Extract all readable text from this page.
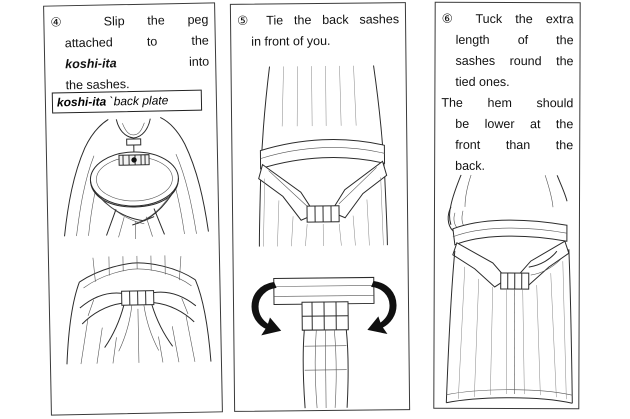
④ Slip the peg
attached to the
koshi-ita	into
the sashes.
koshi-ita `back plate
⑤ Tie the back sashes
in front of you.
⑥ Tuck the extra
length of the
sashes round the
tied ones.
The hem should
be lower at the
front than the
back.
